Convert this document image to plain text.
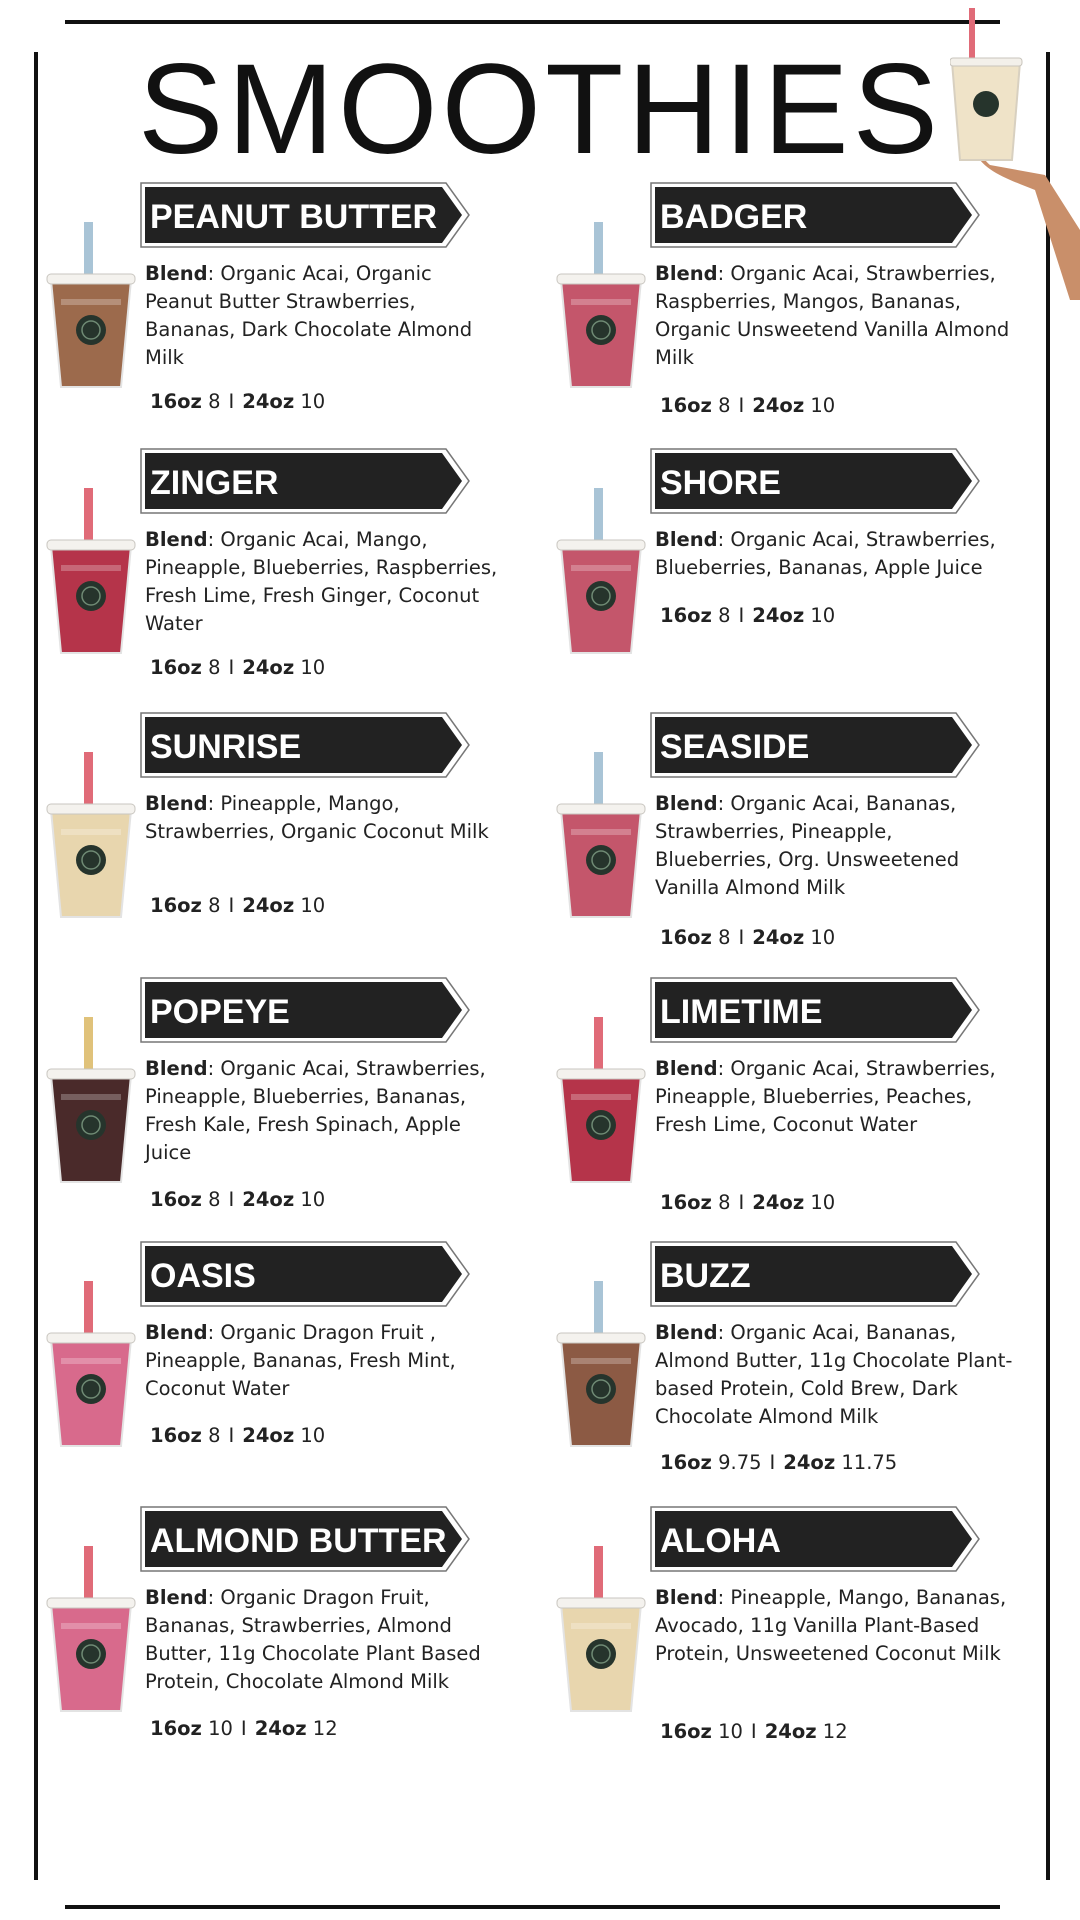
SMOOTHIES
PEANUT BUTTER
Blend: Organic Acai, Organic Peanut Butter Strawberries, Bananas, Dark Chocolate Almond Milk
16oz 8 I 24oz 10
BADGER
Blend: Organic Acai, Strawberries, Raspberries, Mangos, Bananas, Organic Unsweetend Vanilla Almond Milk
16oz 8 I 24oz 10
ZINGER
Blend: Organic Acai, Mango, Pineapple, Blueberries, Raspberries, Fresh Lime, Fresh Ginger, Coconut Water
16oz 8 I 24oz 10
SHORE
Blend: Organic Acai, Strawberries, Blueberries, Bananas, Apple Juice
16oz 8 I 24oz 10
SUNRISE
Blend: Pineapple, Mango, Strawberries, Organic Coconut Milk
16oz 8 I 24oz 10
SEASIDE
Blend: Organic Acai, Bananas, Strawberries, Pineapple, Blueberries, Org. Unsweetened Vanilla Almond Milk
16oz 8 I 24oz 10
POPEYE
Blend: Organic Acai, Strawberries, Pineapple, Blueberries, Bananas, Fresh Kale, Fresh Spinach, Apple Juice
16oz 8 I 24oz 10
LIMETIME
Blend: Organic Acai, Strawberries, Pineapple, Blueberries, Peaches, Fresh Lime, Coconut Water
16oz 8 I 24oz 10
OASIS
Blend: Organic Dragon Fruit , Pineapple, Bananas, Fresh Mint, Coconut Water
16oz 8 I 24oz 10
BUZZ
Blend: Organic Acai, Bananas, Almond Butter, 11g Chocolate Plant-based Protein, Cold Brew, Dark Chocolate Almond Milk
16oz 9.75 I 24oz 11.75
ALMOND BUTTER
Blend: Organic Dragon Fruit, Bananas, Strawberries, Almond Butter, 11g Chocolate Plant Based Protein, Chocolate Almond Milk
16oz 10 I 24oz 12
ALOHA
Blend: Pineapple, Mango, Bananas, Avocado, 11g Vanilla Plant-Based Protein, Unsweetened Coconut Milk
16oz 10 I 24oz 12
